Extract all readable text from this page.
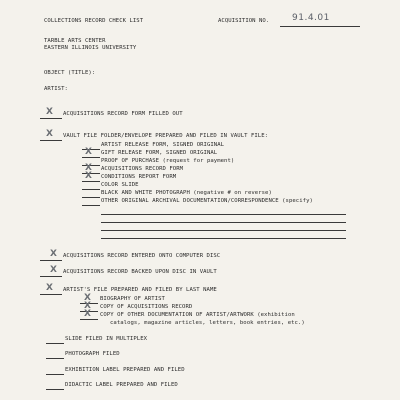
COLLECTIONS RECORD CHECK LIST	ACQUISITION NO.	91.4.01
TARBLE ARTS CENTER
EASTERN ILLINOIS UNIVERSITY
OBJECT (TITLE):
ARTIST:
X ACQUISITIONS RECORD FORM FILLED OUT
X VAULT FILE FOLDER/ENVELOPE PREPARED AND FILED IN VAULT FILE:
ARTIST RELEASE FORM, SIGNED ORIGINAL
X GIFT RELEASE FORM, SIGNED ORIGINAL
PROOF OF PURCHASE (request for payment)
X ACQUISITIONS RECORD FORM
X CONDITIONS REPORT FORM
COLOR SLIDE
BLACK AND WHITE PHOTOGRAPH (negative # on reverse)
OTHER ORIGINAL ARCHIVAL DOCUMENTATION/CORRESPONDENCE (specify)
X ACQUISITIONS RECORD ENTERED ONTO COMPUTER DISC
X ACQUISITIONS RECORD BACKED UPON DISC IN VAULT
X ARTIST'S FILE PREPARED AND FILED BY LAST NAME
X BIOGRAPHY OF ARTIST
X COPY OF ACQUISITIONS RECORD
X COPY OF OTHER DOCUMENTATION OF ARTIST/ARTWORK (exhibition
catalogs, magazine articles, letters, book entries, etc.)
SLIDE FILED IN MULTIPLEX
PHOTOGRAPH FILED
EXHIBITION LABEL PREPARED AND FILED
DIDACTIC LABEL PREPARED AND FILED
